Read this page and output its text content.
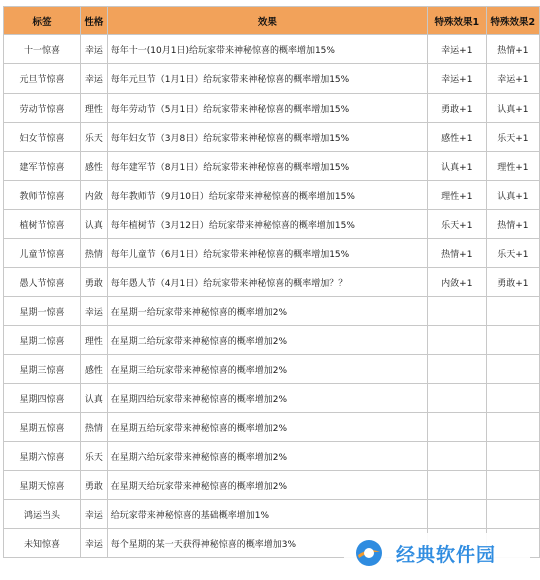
标签	性格	效果	特殊效果1	特殊效果2
十一惊喜	幸运	每年十一(10月1日)给玩家带来神秘惊喜的概率增加15%	幸运+1	热情+1
元旦节惊喜	幸运	每年元旦节（1月1日）给玩家带来神秘惊喜的概率增加15%	幸运+1	幸运+1
劳动节惊喜	理性	每年劳动节（5月1日）给玩家带来神秘惊喜的概率增加15%	勇敢+1	认真+1
妇女节惊喜	乐天	每年妇女节（3月8日）给玩家带来神秘惊喜的概率增加15%	感性+1	乐天+1
建军节惊喜	感性	每年建军节（8月1日）给玩家带来神秘惊喜的概率增加15%	认真+1	理性+1
教师节惊喜	内敛	每年教师节（9月10日）给玩家带来神秘惊喜的概率增加15%	理性+1	认真+1
植树节惊喜	认真	每年植树节（3月12日）给玩家带来神秘惊喜的概率增加15%	乐天+1	热情+1
儿童节惊喜	热情	每年儿童节（6月1日）给玩家带来神秘惊喜的概率增加15%	热情+1	乐天+1
愚人节惊喜	勇敢	每年愚人节（4月1日）给玩家带来神秘惊喜的概率增加？？	内敛+1	勇敢+1
星期一惊喜	幸运	在星期一给玩家带来神秘惊喜的概率增加2%		
星期二惊喜	理性	在星期二给玩家带来神秘惊喜的概率增加2%		
星期三惊喜	感性	在星期三给玩家带来神秘惊喜的概率增加2%		
星期四惊喜	认真	在星期四给玩家带来神秘惊喜的概率增加2%		
星期五惊喜	热情	在星期五给玩家带来神秘惊喜的概率增加2%		
星期六惊喜	乐天	在星期六给玩家带来神秘惊喜的概率增加2%		
星期天惊喜	勇敢	在星期天给玩家带来神秘惊喜的概率增加2%		
鸿运当头	幸运	给玩家带来神秘惊喜的基础概率增加1%		
未知惊喜	幸运	每个星期的某一天获得神秘惊喜的概率增加3%			经典软件园
